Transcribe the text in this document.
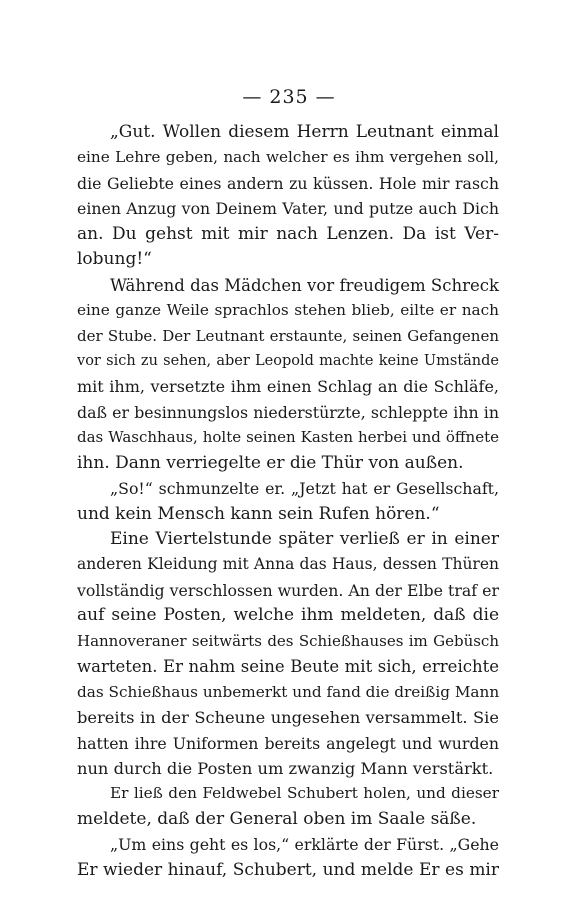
— 235 —
„Gut. Wollen diesem Herrn Leutnant einmal
eine Lehre geben, nach welcher es ihm vergehen soll,
die Geliebte eines andern zu küssen. Hole mir rasch
einen Anzug von Deinem Vater, und putze auch Dich
an. Du gehst mit mir nach Lenzen. Da ist Ver-
lobung!“
Während das Mädchen vor freudigem Schreck
eine ganze Weile sprachlos stehen blieb, eilte er nach
der Stube. Der Leutnant erstaunte, seinen Gefangenen
vor sich zu sehen, aber Leopold machte keine Umstände
mit ihm, versetzte ihm einen Schlag an die Schläfe,
daß er besinnungslos niederstürzte, schleppte ihn in
das Waschhaus, holte seinen Kasten herbei und öffnete
ihn. Dann verriegelte er die Thür von außen.
„So!“ schmunzelte er. „Jetzt hat er Gesellschaft,
und kein Mensch kann sein Rufen hören.“
Eine Viertelstunde später verließ er in einer
anderen Kleidung mit Anna das Haus, dessen Thüren
vollständig verschlossen wurden. An der Elbe traf er
auf seine Posten, welche ihm meldeten, daß die
Hannoveraner seitwärts des Schießhauses im Gebüsch
warteten. Er nahm seine Beute mit sich, erreichte
das Schießhaus unbemerkt und fand die dreißig Mann
bereits in der Scheune ungesehen versammelt. Sie
hatten ihre Uniformen bereits angelegt und wurden
nun durch die Posten um zwanzig Mann verstärkt.
Er ließ den Feldwebel Schubert holen, und dieser
meldete, daß der General oben im Saale säße.
„Um eins geht es los,“ erklärte der Fürst. „Gehe
Er wieder hinauf, Schubert, und melde Er es mir
